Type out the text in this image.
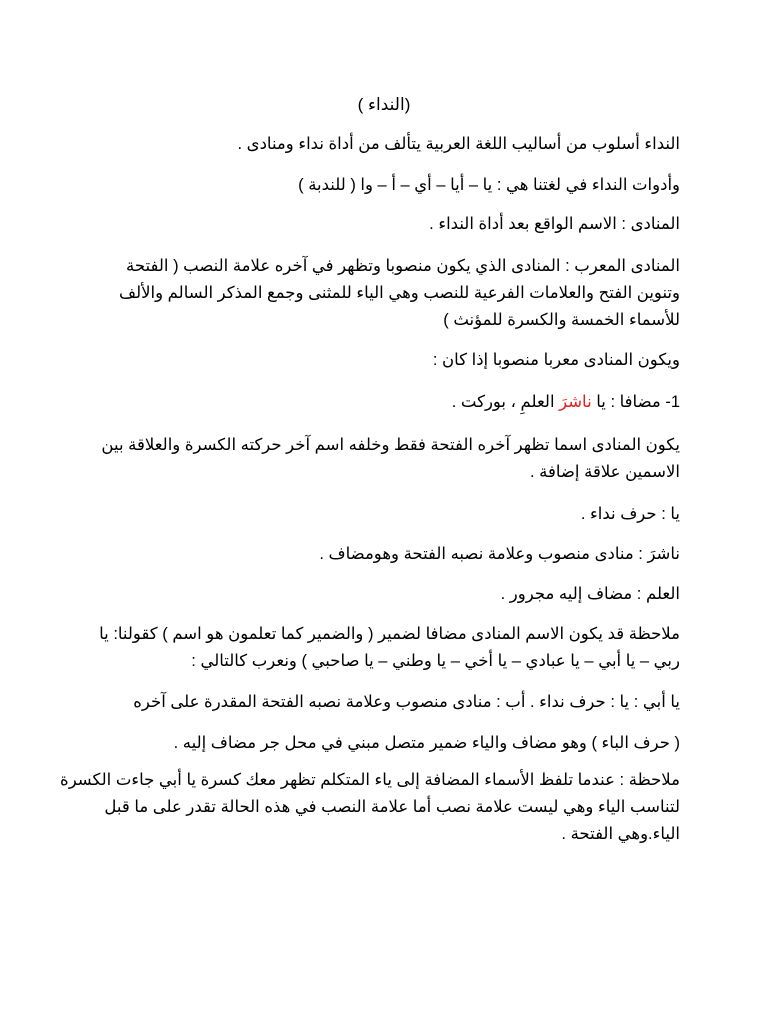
(النداء )
النداء أسلوب من أساليب اللغة العربية يتألف من أداة نداء ومنادى .
وأدوات النداء في لغتنا هي : يا – أيا – أي – أ – وا ( للندبة )
المنادى : الاسم الواقع بعد أداة النداء .
المنادى المعرب : المنادى الذي يكون منصوبا وتظهر في آخره علامة النصب ( الفتحة
وتنوين الفتح والعلامات الفرعية للنصب وهي الياء للمثنى وجمع المذكر السالم والألف
للأسماء الخمسة والكسرة للمؤنث )
ويكون المنادى معربا منصوبا إذا كان :
1- مضافا : يا ناشرَ العلمِ ، بوركت .
يكون المنادى اسما تظهر آخره الفتحة فقط وخلفه اسم آخر حركته الكسرة والعلاقة بين
الاسمين علاقة إضافة .
يا : حرف نداء .
ناشرَ : منادى منصوب وعلامة نصبه الفتحة وهومضاف .
العلم : مضاف إليه مجرور .
ملاحظة قد يكون الاسم المنادى مضافا لضمير ( والضمير كما تعلمون هو اسم ) كقولنا: يا
ربي – يا أبي – يا عبادي – يا أخي – يا وطني – يا صاحبي ) ونعرب كالتالي :
يا أبي : يا : حرف نداء . أب : منادى منصوب وعلامة نصبه الفتحة المقدرة على آخره
( حرف الباء ) وهو مضاف والياء ضمير متصل مبني في محل جر مضاف إليه .
ملاحظة : عندما تلفظ الأسماء المضافة إلى ياء المتكلم تظهر معك كسرة يا أبي جاءت الكسرة
لتناسب الياء وهي ليست علامة نصب أما علامة النصب في هذه الحالة تقدر على ما قبل
الياء.وهي الفتحة .
